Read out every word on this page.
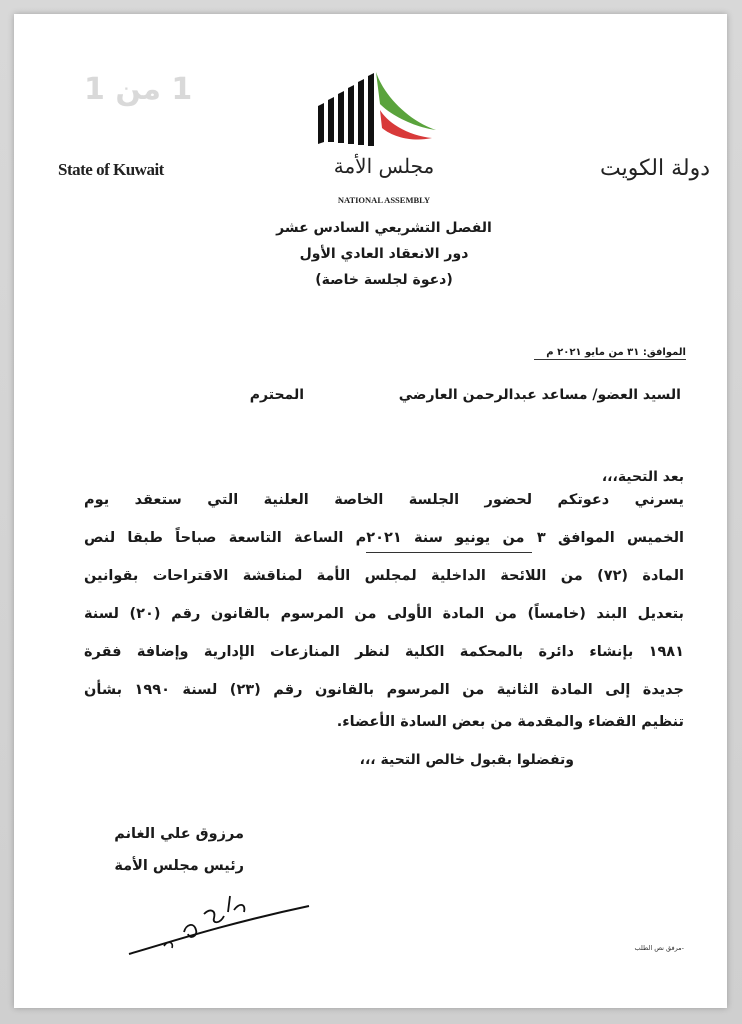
1 من 1
State of Kuwait	دولة الكويت
مجلس الأمة
NATIONAL ASSEMBLY
الفصل التشريعي السادس عشر
دور الانعقاد العادي الأول
(دعوة لجلسة خاصة)
الموافق: ٣١ من مايو ٢٠٢١ م
السيد العضو/ مساعد عبدالرحمن العارضي
المحترم
بعد التحية،،،
يسرني دعوتكم لحضور الجلسة الخاصة العلنية التي ستعقد يوم
الخميس الموافق ٣ من يونيو سنة ٢٠٢١م الساعة التاسعة صباحاً طبقا لنص
المادة (٧٢) من اللائحة الداخلية لمجلس الأمة لمناقشة الاقتراحات بقوانين
بتعديل البند (خامساً) من المادة الأولى من المرسوم بالقانون رقم (٢٠) لسنة
١٩٨١ بإنشاء دائرة بالمحكمة الكلية لنظر المنازعات الإدارية وإضافة فقرة
جديدة إلى المادة الثانية من المرسوم بالقانون رقم (٢٣) لسنة ١٩٩٠ بشأن
تنظيم القضاء والمقدمة من بعض السادة الأعضاء.
وتفضلوا بقبول خالص التحية ،،،
مرزوق علي الغانم
رئيس مجلس الأمة
-مرفق نص الطلب
